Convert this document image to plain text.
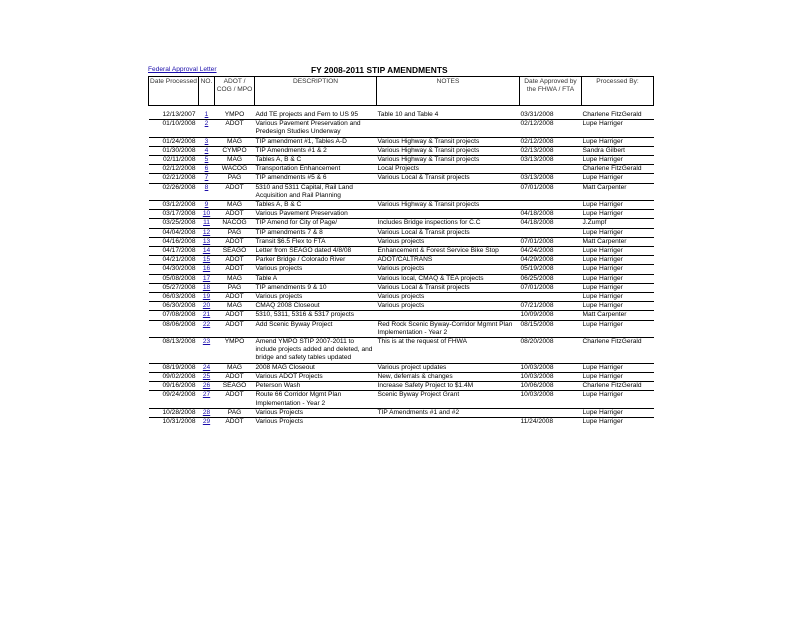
Federal Approval Letter	FY 2008-2011 STIP AMENDMENTS
Date Processed	NO.	ADOT / COG / MPO	DESCRIPTION	NOTES	Date Approved by the FHWA / FTA	Processed By:
12/13/2007	1	YMPO	Add TE projects and Fern to US 95	Table 10 and Table 4	03/31/2008	Charlene FitzGerald
01/10/2008	2	ADOT	Various Pavement Preservation and Predesign Studies Underway		02/12/2008	Lupe Harriger
01/24/2008	3	MAG	TIP amendment #1, Tables A-D	Various Highway & Transit projects	02/12/2008	Lupe Harriger
01/30/2008	4	CYMPO	TIP Amendments #1 & 2	Various Highway & Transit projects	02/13/2008	Sandra Gilbert
02/11/2008	5	MAG	Tables A, B & C	Various Highway & Transit projects	03/13/2008	Lupe Harriger
02/12/2008	6	WACOG	Transportation Enhancement	Local Projects		Charlene FitzGerald
02/21/2008	7	PAG	TIP amendments #5 & 6	Various Local & Transit projects	03/13/2008	Lupe Harriger
02/26/2008	8	ADOT	5310 and 5311 Capital, Rail Land Acquisition and Rail Planning		07/01/2008	Matt Carpenter
03/12/2008	9	MAG	Tables A, B & C	Various Highway & Transit projects		Lupe Harriger
03/17/2008	10	ADOT	Various Pavement Preservation		04/18/2008	Lupe Harriger
03/25/2008	11	NACOG	TIP Amend for City of Page/	Includes Bridge inspections for C.C	04/18/2008	J.Zumpf
04/04/2008	12	PAG	TIP amendments 7 & 8	Various Local & Transit projects		Lupe Harriger
04/16/2008	13	ADOT	Transit $6.5 Flex to FTA	Various projects	07/01/2008	Matt Carpenter
04/17/2008	14	SEAGO	Letter from SEAGO dated 4/8/08	Enhancement & Forest Service Bike Stop	04/24/2008	Lupe Harriger
04/21/2008	15	ADOT	Parker Bridge / Colorado River	ADOT/CALTRANS	04/29/2008	Lupe Harriger
04/30/2008	16	ADOT	Various projects	Various projects	05/19/2008	Lupe Harriger
05/08/2008	17	MAG	Table A	Various local, CMAQ & TEA projects	06/25/2008	Lupe Harriger
05/27/2008	18	PAG	TIP amendments 9 & 10	Various Local & Transit projects	07/01/2008	Lupe Harriger
06/03/2008	19	ADOT	Various projects	Various projects		Lupe Harriger
06/30/2008	20	MAG	CMAQ 2008 Closeout	Various projects	07/21/2008	Lupe Harriger
07/08/2008	21	ADOT	5310, 5311, 5316 & 5317 projects		10/09/2008	Matt Carpenter
08/06/2008	22	ADOT	Add Scenic Byway Project	Red Rock Scenic Byway-Corridor Mgmnt Plan Implementation - Year 2	08/15/2008	Lupe Harriger
08/13/2008	23	YMPO	Amend YMPO STIP 2007-2011 to include projects added and deleted, and bridge and safety tables updated	This is at the request of FHWA	08/20/2008	Charlene FitzGerald
08/19/2008	24	MAG	2008 MAG Closeout	Various project updates	10/03/2008	Lupe Harriger
09/02/2008	25	ADOT	Various ADOT Projects	New, deferrals & changes	10/03/2008	Lupe Harriger
09/16/2008	26	SEAGO	Peterson Wash	Increase Safety Project to $1.4M	10/06/2008	Charlene FitzGerald
09/24/2008	27	ADOT	Route 66 Corridor Mgmt Plan Implementation - Year 2	Scenic Byway Project Grant	10/03/2008	Lupe Harriger
10/28/2008	28	PAG	Various Projects	TIP Amendments #1 and #2		Lupe Harriger
10/31/2008	29	ADOT	Various Projects		11/24/2008	Lupe Harriger
